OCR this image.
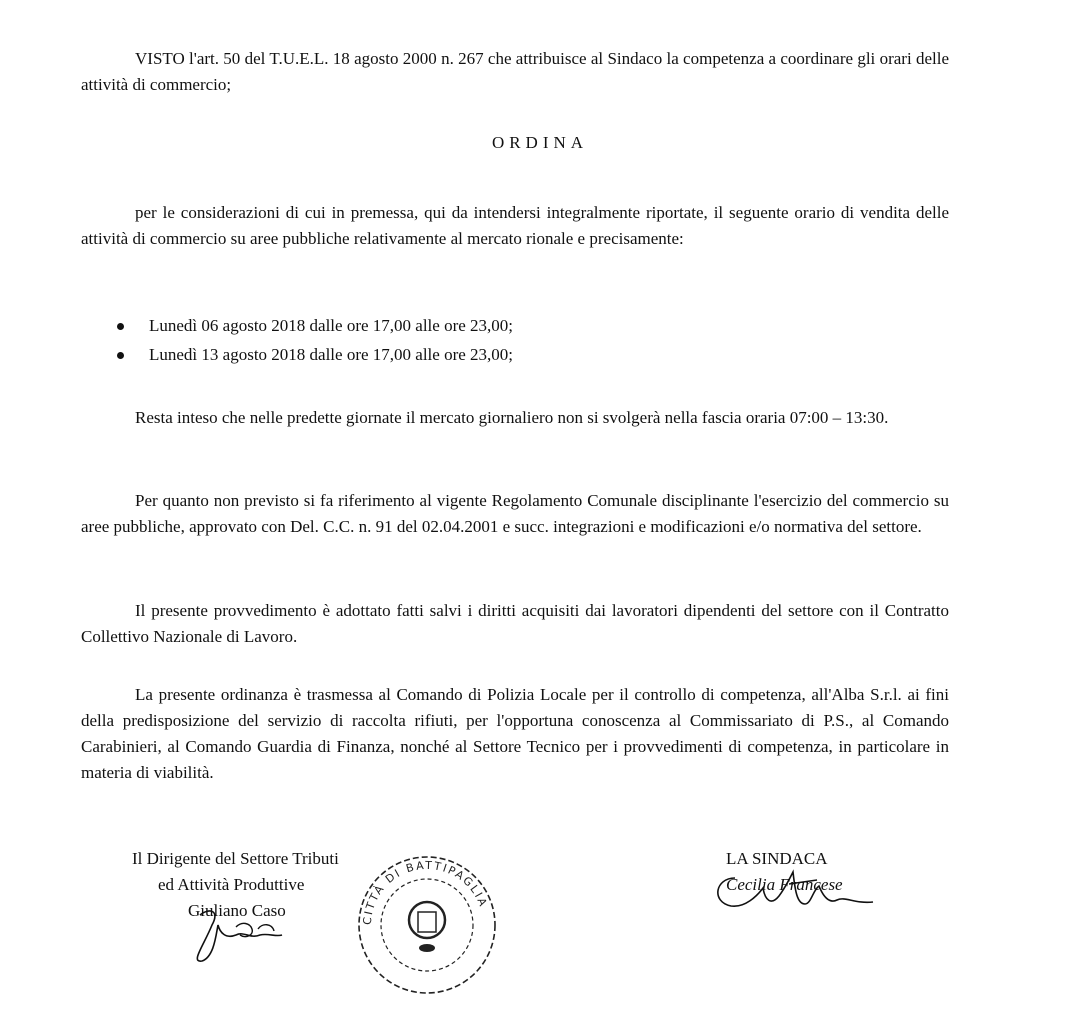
VISTO l'art. 50 del T.U.E.L. 18 agosto 2000 n. 267 che attribuisce al Sindaco la competenza a coordinare gli orari delle attività di commercio;

ORDINA

per le considerazioni di cui in premessa, qui da intendersi integralmente riportate, il seguente orario di vendita delle attività di commercio su aree pubbliche relativamente al mercato rionale e precisamente:

Lunedì 06 agosto 2018 dalle ore 17,00 alle ore 23,00;
Lunedì 13 agosto 2018 dalle ore 17,00 alle ore 23,00;

Resta inteso che nelle predette giornate il mercato giornaliero non si svolgerà nella fascia oraria 07:00 – 13:30.

Per quanto non previsto si fa riferimento al vigente Regolamento Comunale disciplinante l'esercizio del commercio su aree pubbliche, approvato con Del. C.C. n. 91 del 02.04.2001 e succ. integrazioni e modificazioni e/o normativa del settore.

Il presente provvedimento è adottato fatti salvi i diritti acquisiti dai lavoratori dipendenti del settore con il Contratto Collettivo Nazionale di Lavoro.

La presente ordinanza è trasmessa al Comando di Polizia Locale per il controllo di competenza, all'Alba S.r.l. ai fini della predisposizione del servizio di raccolta rifiuti, per l'opportuna conoscenza al Commissariato di P.S., al Comando Carabinieri, al Comando Guardia di Finanza, nonché al Settore Tecnico per i provvedimenti di competenza, in particolare in materia di viabilità.

Il Dirigente del Settore Tributi
ed Attività Produttive
Giuliano Caso	CITTÀ DI BATTIPAGLIA
LA SINDACA
Cecilia Francese
